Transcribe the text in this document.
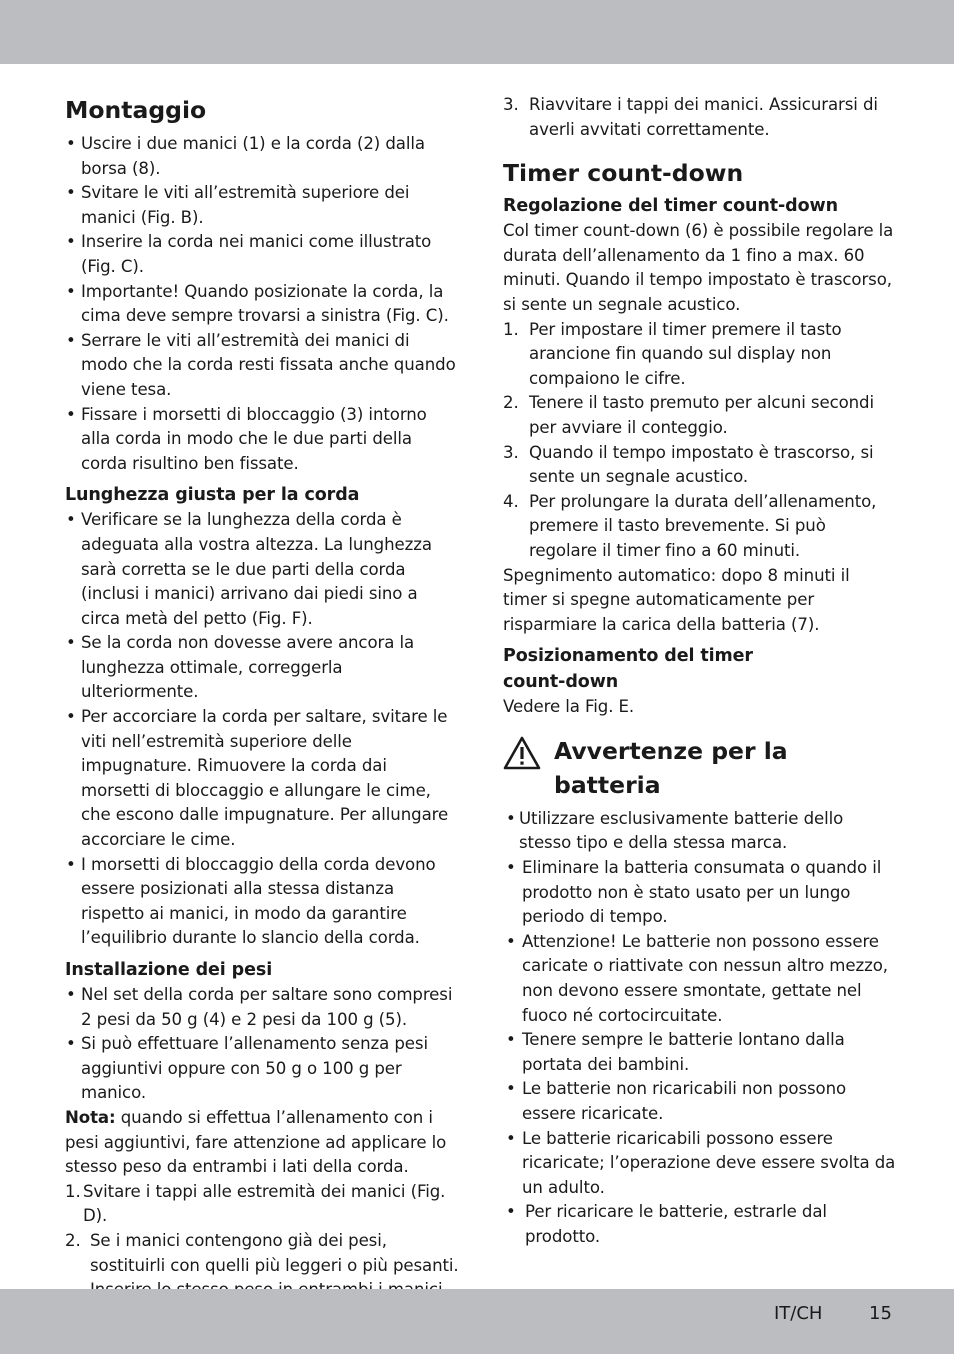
Montaggio
• Uscire i due manici (1) e la corda (2) dalla borsa (8).
• Svitare le viti all’estremità superiore dei manici (Fig. B).
• Inserire la corda nei manici come illustrato (Fig. C).
• Importante! Quando posizionate la corda, la cima deve sempre trovarsi a sinistra (Fig. C).
• Serrare le viti all’estremità dei manici di modo che la corda resti fissata anche quando viene tesa.
• Fissare i morsetti di bloccaggio (3) intorno alla corda in modo che le due parti della corda risultino ben fissate.
Lunghezza giusta per la corda
• Verificare se la lunghezza della corda è adeguata alla vostra altezza. La lunghezza sarà corretta se le due parti della corda (inclusi i manici) arrivano dai piedi sino a circa metà del petto (Fig. F).
• Se la corda non dovesse avere ancora la lunghezza ottimale, correggerla ulteriormente.
• Per accorciare la corda per saltare, svitare le viti nell’estremità superiore delle impugnature. Rimuovere la corda dai morsetti di bloccaggio e allungare le cime, che escono dalle impugnature. Per allungare accorciare le cime.
• I morsetti di bloccaggio della corda devono essere posizionati alla stessa distanza rispetto ai manici, in modo da garantire l’equilibrio durante lo slancio della corda.
Installazione dei pesi
• Nel set della corda per saltare sono compresi 2 pesi da 50 g (4) e 2 pesi da 100 g (5).
• Si può effettuare l’allenamento senza pesi aggiuntivi oppure con 50 g o 100 g per manico.

Nota: quando si effettua l’allenamento con i pesi aggiuntivi, fare attenzione ad applicare lo stesso peso da entrambi i lati della corda.

1. Svitare i tappi alle estremità dei manici (Fig. D).
2. Se i manici contengono già dei pesi, sostituirli con quelli più leggeri o più pesanti.
3. Riavvitare i tappi dei manici. Assicurarsi di averli avvitati correttamente.
Timer count-down
Regolazione del timer count-down

Col timer count-down (6) è possibile regolare la durata dell’allenamento da 1 fino a max. 60 minuti. Quando il tempo impostato è trascorso, si sente un segnale acustico.

1. Per impostare il timer premere il tasto arancione fin quando sul display non compaiono le cifre.
2. Tenere il tasto premuto per alcuni secondi per avviare il conteggio.
3. Quando il tempo impostato è trascorso, si sente un segnale acustico.
4. Per prolungare la durata dell’allenamento, premere il tasto brevemente. Si può regolare il timer fino a 60 minuti.

Spegnimento automatico: dopo 8 minuti il timer si spegne automaticamente per risparmiare la carica della batteria (7).

Posizionamento del timer count-down

Vedere la Fig. E.

Avvertenze per la batteria
• Utilizzare esclusivamente batterie dello stesso tipo e della stessa marca.
• Eliminare la batteria consumata o quando il prodotto non è stato usato per un lungo periodo di tempo.
• Attenzione! Le batterie non possono essere caricate o riattivate con nessun altro mezzo, non devono essere smontate, gettate nel fuoco né cortocircuitate.
• Tenere sempre le batterie lontano dalla portata dei bambini.
• Le batterie non ricaricabili non possono essere ricaricate.
• Le batterie ricaricabili possono essere ricaricate; l’operazione deve essere svolta da un adulto.
• Per ricaricare le batterie, estrarle dal prodotto.
IT/CH	15
